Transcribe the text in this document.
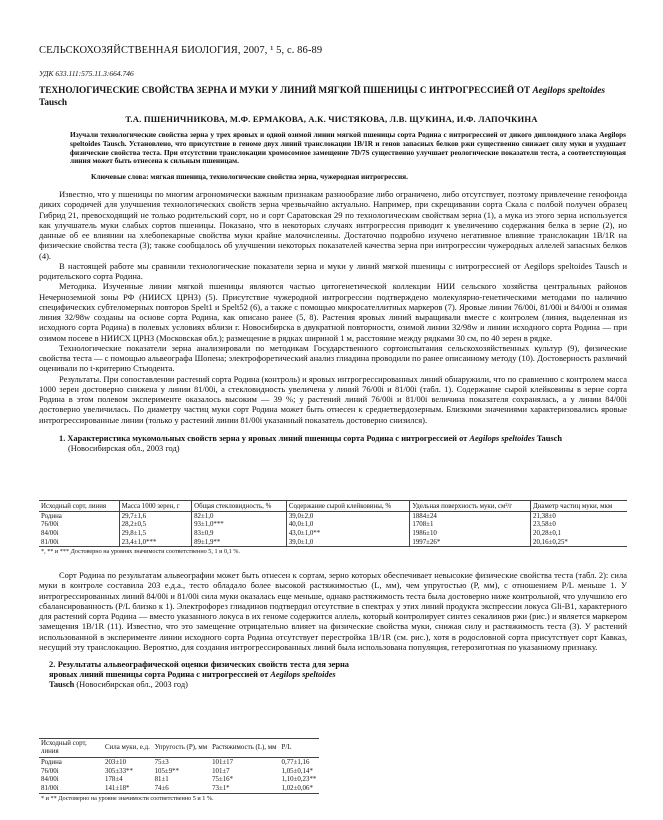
СЕЛЬСКОХОЗЯЙСТВЕННАЯ БИОЛОГИЯ, 2007, ¹ 5, с. 86-89
УДК 633.111:575.11.3:664.746
ТЕХНОЛОГИЧЕСКИЕ СВОЙСТВА ЗЕРНА И МУКИ У ЛИНИЙ МЯГКОЙ ПШЕНИЦЫ С ИНТРОГРЕССИЕЙ ОТ Aegilops speltoides Tausch
Т.А. ПШЕНИЧНИКОВА, М.Ф. ЕРМАКОВА, А.К. ЧИСТЯКОВА, Л.В. ЩУКИНА, И.Ф. ЛАПОЧКИНА
Изучали технологические свойства зерна у трех яровых и одной озимой линии мягкой пшеницы сорта Родина с интрогрессией от дикого диплоидного злака Aegilops speltoides Tausch. Установлено, что присутствие в геноме двух линий транслокации 1B/1R и генов запасных белков ржи существенно снижает силу муки и ухудшает физические свойства теста. При отсутствии транслокации хромосомное замещение 7D/7S существенно улучшает реологические показатели теста, а соответствующая линия может быть отнесена к сильным пшеницам.
Ключевые слова: мягкая пшеница, технологические свойства зерна, чужеродная интрогрессия.

Известно, что у пшеницы по многим агрономически важным признакам разнообразие либо ограничено, либо отсутствует, поэтому привлечение генофонда диких сородичей для улучшения технологических свойств зерна чрезвычайно актуально. Например, при скрещивании сорта Скала с полбой получен образец Гибрид 21, превосходящий не только родительский сорт, но и сорт Саратовская 29 по технологическим свойствам зерна (1), а мука из этого зерна используется как улучшатель муки слабых сортов пшеницы. Показано, что в некоторых случаях интрогрессия приводит к увеличению содержания белка в зерне (2), но данные об ее влиянии на хлебопекарные свойства муки крайне малочисленны. Достаточно подробно изучено негативное влияние транслокации 1B/1R на физические свойства теста (3); также сообщалось об улучшении некоторых показателей качества зерна при интрогрессии чужеродных аллелей запасных белков (4).

В настоящей работе мы сравнили технологические показатели зерна и муки у линий мягкой пшеницы с интрогрессией от Aegilops speltoides Tausch и родительского сорта Родина.

Методика. Изученные линии мягкой пшеницы являются частью цитогенетической коллекции НИИ сельского хозяйства центральных районов Нечерноземной зоны РФ (НИИСХ ЦРНЗ) (5). Присутствие чужеродной интрогрессии подтверждено молекулярно-генетическими методами по наличию специфических субтеломерных повторов Spelt1 и Spelt52 (6), а также с помощью микросателлитных маркеров (7). Яровые линии 76/00i, 81/00i и 84/00i и озимая линия 32/98w созданы на основе сорта Родина, как описано ранее (5, 8). Растения яровых линий выращивали вместе с контролем (линия, выделенная из исходного сорта Родина) в полевых условиях вблизи г. Новосибирска в двукратной повторности, озимой линии 32/98w и линии исходного сорта Родина — при озимом посеве в НИИСХ ЦРНЗ (Московская обл.); размещение в рядках шириной 1 м, расстояние между рядками 30 см, по 40 зерен в рядке.

Технологические показатели зерна анализировали по методикам Государственного сортоиспытания сельскохозяйственных культур (9), физические свойства теста — с помощью альвеографа Шопена; электрофоретический анализ глиадина проводили по ранее описанному методу (10). Достоверность различий оценивали по t-критерию Стьюдента.

Результаты. При сопоставлении растений сорта Родина (контроль) и яровых интрогрессированных линий обнаружили, что по сравнению с контролем масса 1000 зерен достоверно снижена у линии 81/00i, а стекловидность увеличена у линий 76/00i и 81/00i (табл. 1). Содержание сырой клейковины в зерне сорта Родина в этом полевом эксперименте оказалось высоким — 39 %; у растений линий 76/00i и 81/00i величина показателя сохранялась, а у линии 84/00i достоверно увеличилась. По диаметру частиц муки сорт Родина может быть отнесен к среднетвердозерным. Близкими значениями характеризовались яровые интрогрессированные линии (только у растений линии 81/00i указанный показатель достоверно снизился).

1. Характеристика мукомольных свойств зерна у яровых линий пшеницы сорта Родина с интрогрессией от Aegilops speltoides Tausch
(Новосибирская обл., 2003 год)
Исходный сорт, линия	Масса 1000 зерен, г	Общая стекловидность, %	Содержание сырой клейковины, %	Удельная поверхность муки, см²/г	Диаметр частиц муки, мкм
Родина	29,7±1,6	82±1,0	39,0±2,0	1884±24	21,38±0
76/00i	28,2±0,5	93±1,0***	40,0±1,0	1708±1	23,58±0
84/00i	29,8±1,5	83±0,9	43,0±1,0**	1986±10	20,28±0,1
81/00i	23,4±1,0***	89±1,9**	39,0±1,0	1997±26*	20,16±0,25*
*, ** и *** Достоверно на уровнях значимости соответственно 5, 1 и 0,1 %.					

Сорт Родина по результатам альвеографии может быть отнесен к сортам, зерно которых обеспечивает невысокие физические свойства теста (табл. 2): сила муки в контроле составила 203 е.д.а., тесто обладало более высокой растяжимостью (L, мм), чем упругостью (P, мм), с отношением P/L меньше 1. У интрогрессированных линий 84/00i и 81/00i сила муки оказалась еще меньше, однако растяжимость теста была достоверно ниже контрольной, что улучшило его сбалансированность (P/L близко к 1). Электрофорез глиадинов подтвердил отсутствие в спектрах у этих линий продукта экспрессии локуса Gli-B1, характерного для растений сорта Родина — вместо указанного локуса в их геноме содержится аллель, который контролирует синтез секалинов ржи (рис.) и является маркером замещения 1B/1R (11). Известно, что это замещение отрицательно влияет на физические свойства муки, снижая силу и растяжимость теста (3). У растений использованной в эксперименте линии исходного сорта Родина отсутствует перестройка 1B/1R (см. рис.), хотя в родословной сорта присутствует сорт Кавказ, несущий эту транслокацию. Вероятно, для создания интрогрессированных линий была использована популяция, гетерозиготная по указанному признаку.

2. Результаты альвеографической оценки физических свойств теста для зерна яровых линий пшеницы сорта Родина с интрогрессией от Aegilops speltoides
Tausch (Новосибирская обл., 2003 год)
Исходный сорт, линия	Сила муки, е.д.	Упругость (P), мм	Растяжимость (L), мм	P/L
Родина	203±10	75±3	101±17	0,77±1,16
76/00i	305±33**	105±9**	101±7	1,05±0,14*
84/00i	178±4	81±1	75±16*	1,10±0,23**
81/00i	141±18*	74±6	73±1*	1,02±0,06*
* и ** Достоверно на уровне значимости соответственно 5 и 1 %.				
